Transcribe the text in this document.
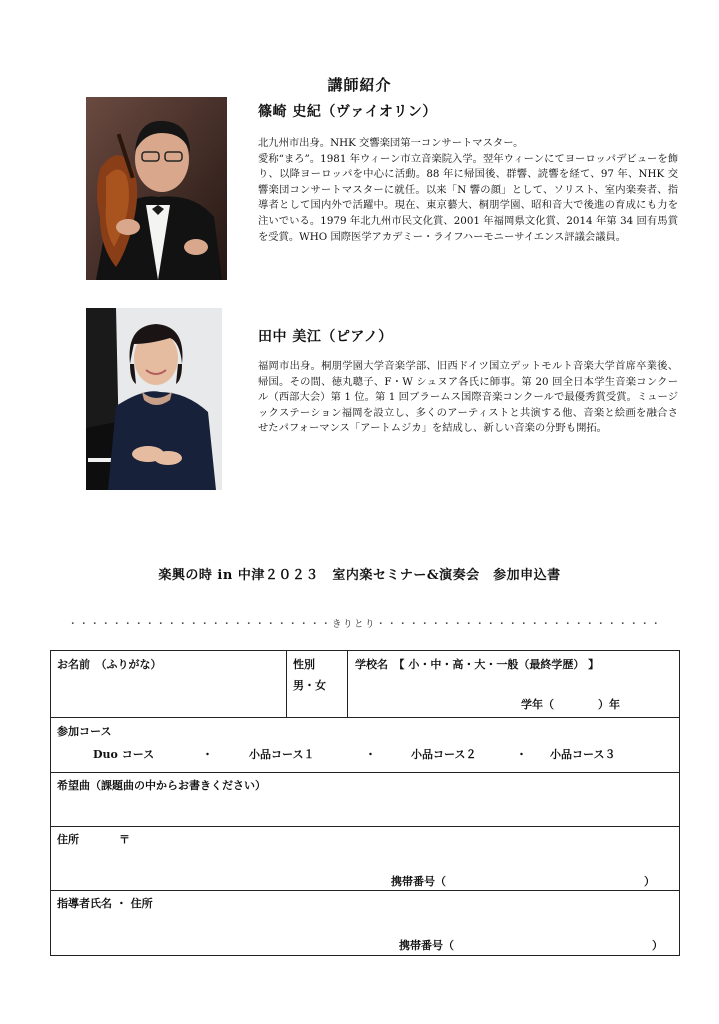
講師紹介
篠崎 史紀（ヴァイオリン）
北九州市出身。NHK 交響楽団第一コンサートマスター。
愛称“まろ”。1981 年ウィーン市立音楽院入学。翌年ウィーンにてヨーロッパデビューを飾り、以降ヨーロッパを中心に活動。88 年に帰国後、群響、読響を経て、97 年、NHK 交響楽団コンサートマスターに就任。以来「N 響の顔」として、ソリスト、室内楽奏者、指導者として国内外で活躍中。現在、東京藝大、桐朋学園、昭和音大で後進の育成にも力を注いでいる。1979 年北九州市民文化賞、2001 年福岡県文化賞、2014 年第 34 回有馬賞を受賞。WHO 国際医学アカデミー・ライフハーモニーサイエンス評議会議員。
田中 美江（ピアノ）
福岡市出身。桐朋学園大学音楽学部、旧西ドイツ国立デットモルト音楽大学首席卒業後、帰国。その間、徳丸聰子、F・W シュヌア各氏に師事。第 20 回全日本学生音楽コンクール（西部大会）第 1 位。第 1 回ブラームス国際音楽コンクールで最優秀賞受賞。ミュージックステーション福岡を設立し、多くのアーティストと共演する他、音楽と絵画を融合させたパフォーマンス「アートムジカ」を結成し、新しい音楽の分野も開拓。
楽興の時 in 中津２０２３　室内楽セミナー&演奏会　参加申込書
・・・・・・・・・・・・・・・・・・・・・・・・きりとり・・・・・・・・・・・・・・・・・・・・・・・・・・
お名前　（ふりがな）	性別
男・女
学校名　【 小・中・高・大・一般（最終学歴） 】
学年（　　　　）年
参加コース
Duo コース	・	小品コース１	・	小品コース２	・ 小品コース３
希望曲（課題曲の中からお書きください）
住所	〒
携帯番号（　　　　　　　　　　　　　　　　　　）
指導者氏名 ・ 住所
携帯番号（　　　　　　　　　　　　　　　　　　）
